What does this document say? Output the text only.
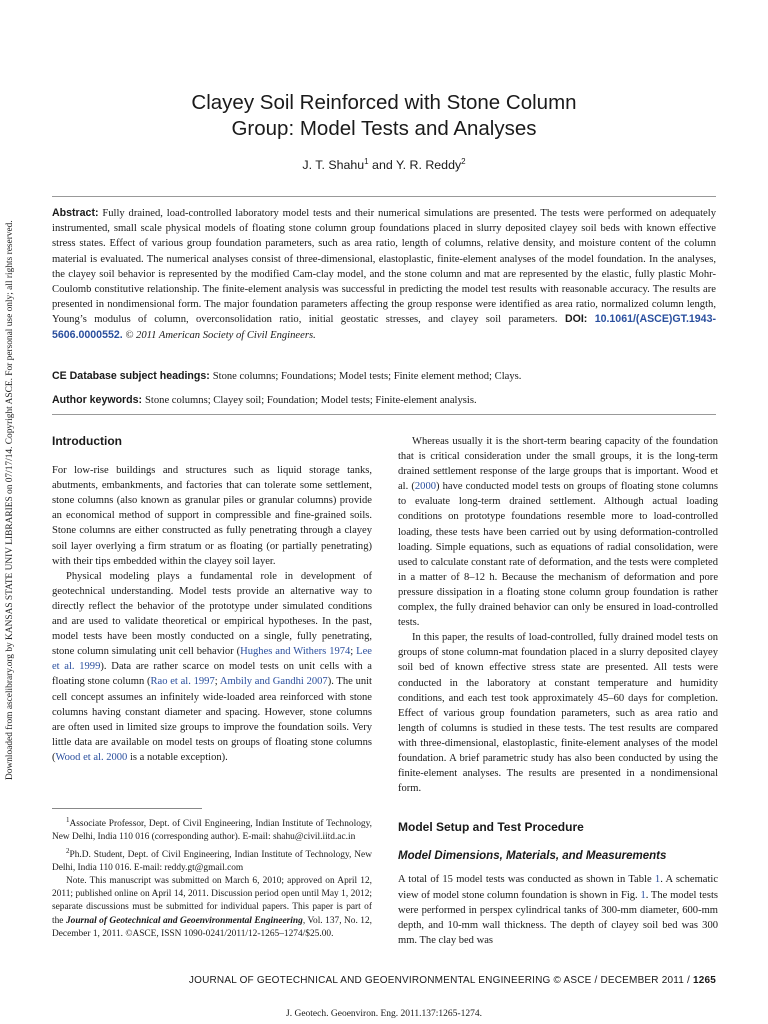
Downloaded from ascelibrary.org by KANSAS STATE UNIV LIBRARIES on 07/17/14. Copyright ASCE. For personal use only; all rights reserved.
Clayey Soil Reinforced with Stone Column
Group: Model Tests and Analyses
J. T. Shahu$^1$ and Y. R. Reddy$^2$
Abstract: Fully drained, load-controlled laboratory model tests and their numerical simulations are presented. The tests were performed on adequately instrumented, small scale physical models of floating stone column group foundations placed in slurry deposited clayey soil beds with known effective stress states. Effect of various group foundation parameters, such as area ratio, length of columns, relative density, and moisture content of the column material is evaluated. The numerical analyses consist of three-dimensional, elastoplastic, finite-element analyses of the model foundation. In the analyses, the clayey soil behavior is represented by the modified Cam-clay model, and the stone column and mat are represented by the elastic, fully plastic Mohr-Coulomb constitutive relationship. The finite-element analysis was successful in predicting the model test results with reasonable accuracy. The results are presented in nondimensional form. The major foundation parameters affecting the group response were identified as area ratio, normalized column length, Young’s modulus of column, overconsolidation ratio, initial geostatic stresses, and clayey soil parameters. DOI: 10.1061/(ASCE)GT.1943-5606.0000552. © 2011 American Society of Civil Engineers.
CE Database subject headings: Stone columns; Foundations; Model tests; Finite element method; Clays.
Author keywords: Stone columns; Clayey soil; Foundation; Model tests; Finite-element analysis.
Introduction

For low-rise buildings and structures such as liquid storage tanks, abutments, embankments, and factories that can tolerate some settlement, stone columns (also known as granular piles or granular columns) provide an economical method of support in compressible and fine-grained soils. Stone columns are either constructed as fully penetrating through a clayey soil layer overlying a firm stratum or as floating (or partially penetrating) with their tips embedded within the clayey soil layer.

Physical modeling plays a fundamental role in development of geotechnical understanding. Model tests provide an alternative way to directly reflect the behavior of the prototype under simulated conditions and are used to validate theoretical or empirical hypotheses. In the past, model tests have been mostly conducted on a single, fully penetrating, stone column simulating unit cell behavior (Hughes and Withers 1974; Lee et al. 1999). Data are rather scarce on model tests on unit cells with a floating stone column (Rao et al. 1997; Ambily and Gandhi 2007). The unit cell concept assumes an infinitely wide-loaded area reinforced with stone columns having constant diameter and spacing. However, stone columns are often used in limited size groups to improve the foundation soils. Very little data are available on model tests on groups of floating stone columns (Wood et al. 2000 is a notable exception).

$^1$Associate Professor, Dept. of Civil Engineering, Indian Institute of Technology, New Delhi, India 110 016 (corresponding author). E-mail: shahu@civil.iitd.ac.in

$^2$Ph.D. Student, Dept. of Civil Engineering, Indian Institute of Technology, New Delhi, India 110 016. E-mail: reddy.gt@gmail.com

Note. This manuscript was submitted on March 6, 2010; approved on April 12, 2011; published online on April 14, 2011. Discussion period open until May 1, 2012; separate discussions must be submitted for individual papers. This paper is part of the Journal of Geotechnical and Geoenvironmental Engineering, Vol. 137, No. 12, December 1, 2011. ©ASCE, ISSN 1090-0241/2011/12-1265–1274/$25.00.

Whereas usually it is the short-term bearing capacity of the foundation that is critical consideration under the small groups, it is the long-term drained settlement response of the large groups that is important. Wood et al. (2000) have conducted model tests on groups of floating stone columns to evaluate long-term drained settlement. Although actual loading conditions on prototype foundations resemble more to load-controlled loading, these tests have been carried out by using deformation-controlled loading. Simple equations, such as equations of radial consolidation, were used to calculate constant rate of deformation, and the tests were completed in a matter of 8–12 h. Because the mechanism of deformation and pore pressure dissipation in a floating stone column group foundation is rather complex, the fully drained behavior can only be ensured in load-controlled tests.

In this paper, the results of load-controlled, fully drained model tests on groups of stone column-mat foundation placed in a slurry deposited clayey soil bed of known effective stress state are presented. All tests were conducted in the laboratory at constant temperature and humidity conditions, and each test took approximately 45–60 days for completion. Effect of various group foundation parameters, such as area ratio and length of columns is studied in these tests. The test results are compared with three-dimensional, elastoplastic, finite-element analyses of the model foundation. A brief parametric study has also been conducted by using the finite-element analyses. The results are presented in a nondimensional form.

Model Setup and Test Procedure
Model Dimensions, Materials, and Measurements

A total of 15 model tests was conducted as shown in Table 1. A schematic view of model stone column foundation is shown in Fig. 1. The model tests were performed in perspex cylindrical tanks of 300-mm diameter, 600-mm depth, and 10-mm wall thickness. The depth of clayey soil bed was 300 mm. The clay bed was

JOURNAL OF GEOTECHNICAL AND GEOENVIRONMENTAL ENGINEERING © ASCE / DECEMBER 2011 / 1265
J. Geotech. Geoenviron. Eng. 2011.137:1265-1274.
